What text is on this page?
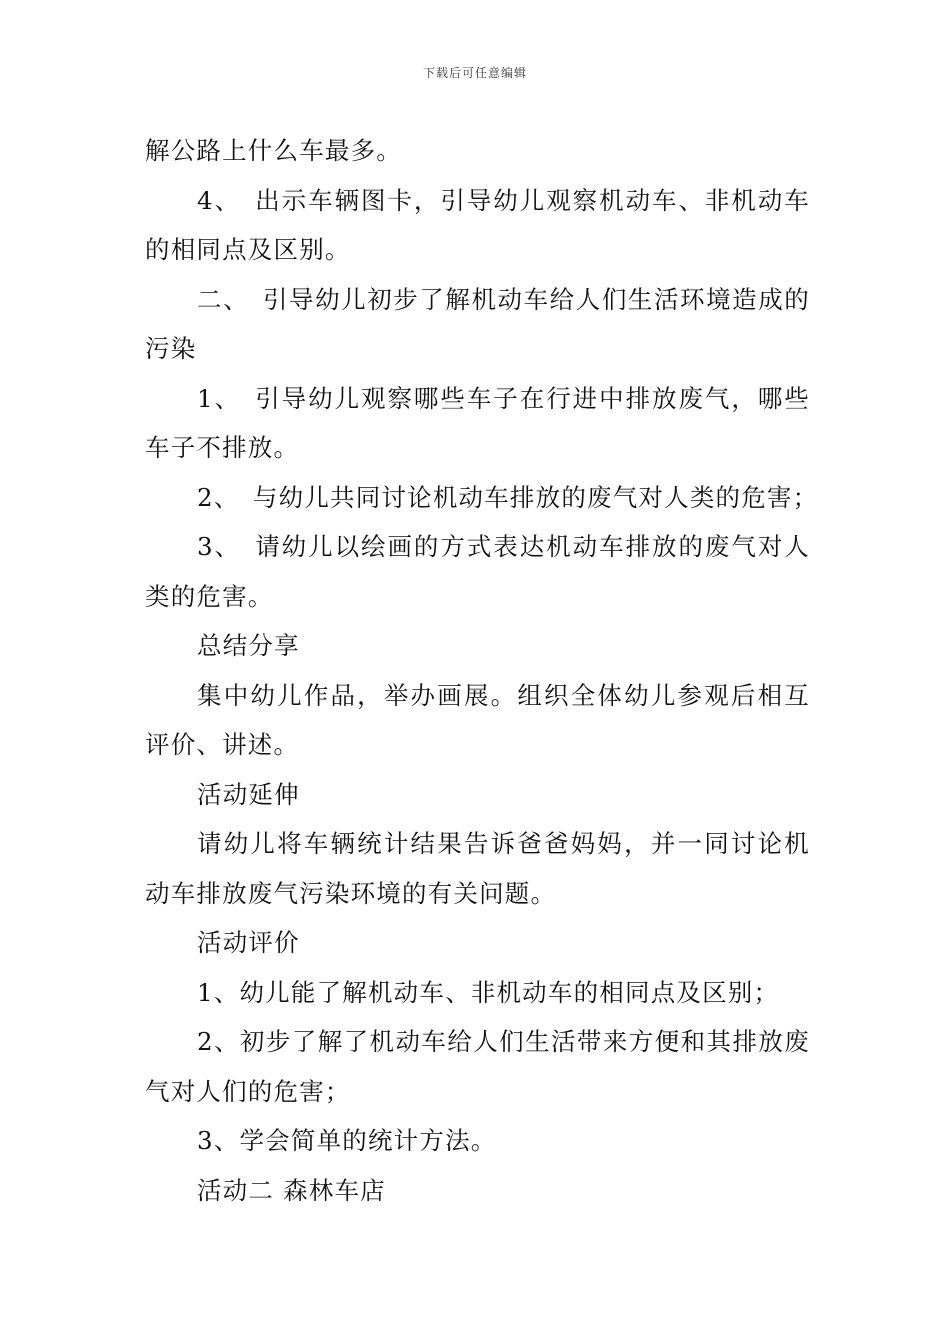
下载后可任意编辑

解公路上什么车最多。

4、　出示车辆图卡，引导幼儿观察机动车、非机动车的相同点及区别。

二、　引导幼儿初步了解机动车给人们生活环境造成的污染

1、　引导幼儿观察哪些车子在行进中排放废气，哪些车子不排放。

2、　与幼儿共同讨论机动车排放的废气对人类的危害；

3、　请幼儿以绘画的方式表达机动车排放的废气对人类的危害。

总结分享

集中幼儿作品，举办画展。组织全体幼儿参观后相互评价、讲述。

活动延伸

请幼儿将车辆统计结果告诉爸爸妈妈，并一同讨论机动车排放废气污染环境的有关问题。

活动评价

1、幼儿能了解机动车、非机动车的相同点及区别；

2、初步了解了机动车给人们生活带来方便和其排放废气对人们的危害；

3、学会简单的统计方法。

活动二 森林车店
